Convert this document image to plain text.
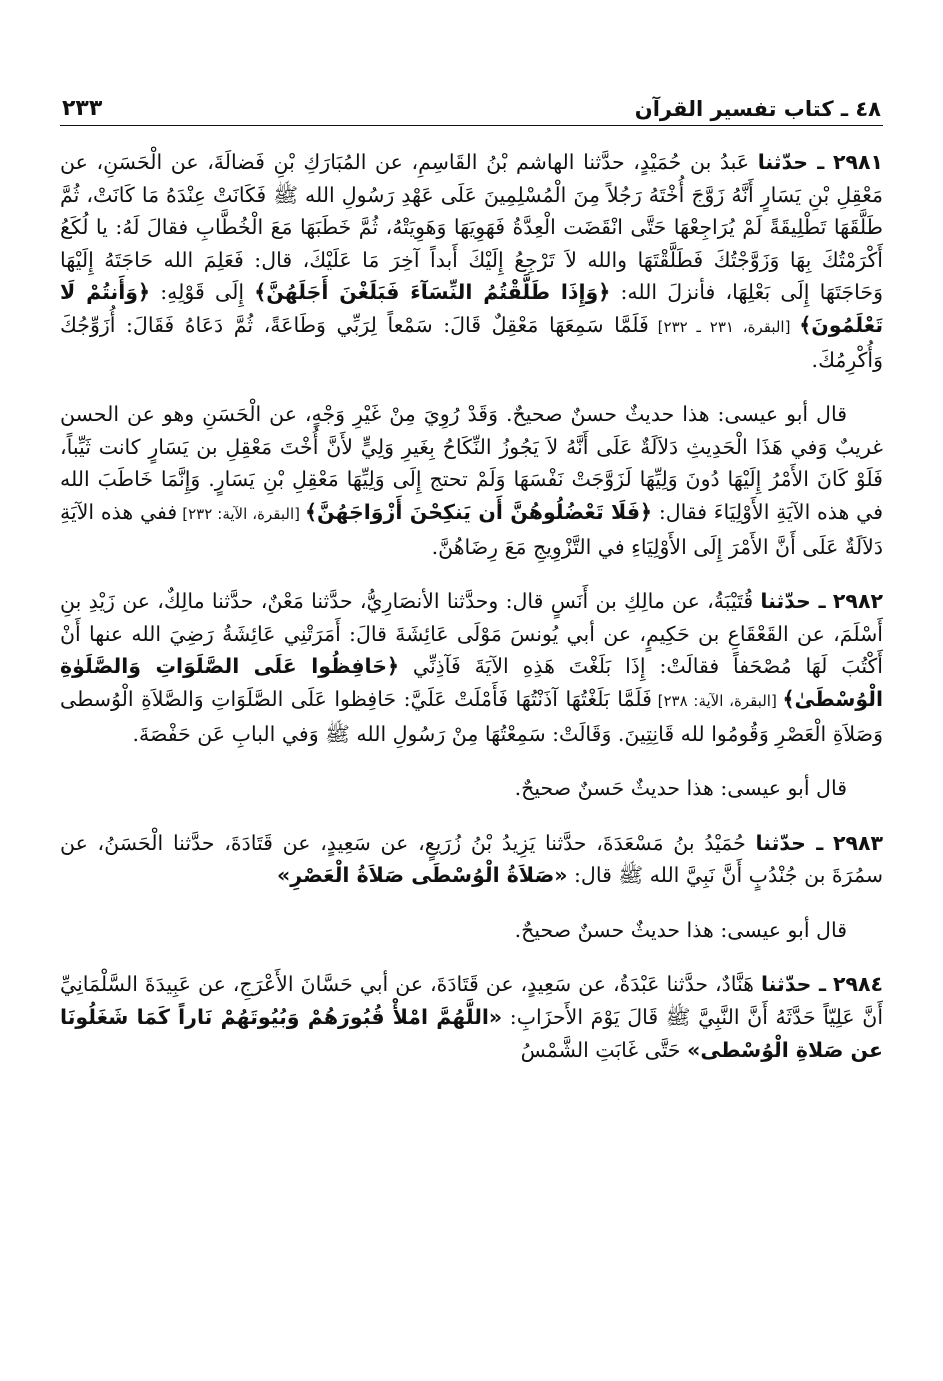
٤٨ ـ كتاب تفسير القرآن
٢٣٣

٢٩٨١ ـ حدّثنا عَبدُ بن حُمَيْدٍ، حدَّثنا الهاشم بْنُ القَاسِمِ، عن المُبَارَكِ بْنِ فَضالَةَ، عن الْحَسَنِ، عن مَعْقِلِ بْنِ يَسَارٍ أَنَّهُ زَوَّجَ أُخْتَهُ رَجُلاً مِنَ الْمُسْلِمِينَ عَلَى عَهْدِ رَسُولِ الله ﷺ فَكَانَتْ عِنْدَهُ مَا كَانَتْ، ثُمَّ طَلَّقَهَا تَطْلِيقَةً لَمْ يُرَاجِعْهَا حَتَّى انْقَضَت الْعِدَّةُ فَهَوِيَهَا وَهَوِيَتْهُ، ثُمَّ خَطَبَهَا مَعَ الْخُطَّابِ فقالَ لَهُ: يا لُكَعُ أَكْرَمْتُكَ بِهَا وَزَوَّجْتُكَ فَطَلَّقْتَهَا والله لاَ تَرْجِعُ إِلَيْكَ أَبداً آخِرَ مَا عَلَيْكَ، قال: فَعَلِمَ الله حَاجَتَهُ إِلَيْهَا وَحَاجَتَهَا إِلَى بَعْلِهَا، فأنزلَ الله: ﴿وَإِذَا طَلَّقْتُمُ النِّسَآءَ فَبَلَغْنَ أَجَلَهُنَّ﴾ إِلَى قَوْلِهِ: ﴿وَأَنتُمْ لَا تَعْلَمُونَ﴾ [البقرة، ٢٣١ ـ ٢٣٢] فَلَمَّا سَمِعَهَا مَعْقِلٌ قَالَ: سَمْعاً لِرَبِّي وَطَاعَةً، ثُمَّ دَعَاهُ فَقَالَ: أُزَوِّجُكَ وَأُكْرِمُكَ.

قال أبو عيسى: هذا حديثٌ حسنٌ صحيحٌ. وَقَدْ رُوِيَ مِنْ غَيْرِ وَجْهٍ، عن الْحَسَنِ وهو عن الحسن غريبٌ وَفي هَذَا الْحَدِيثِ دَلاَلَةٌ عَلَى أَنَّهُ لاَ يَجُوزُ النِّكَاحُ بِغَيرِ وَلِيٍّ لأَنَّ أُخْتَ مَعْقِلِ بن يَسَارٍ كانت ثَيِّباً، فَلَوْ كَانَ الأَمْرُ إِلَيْهَا دُونَ وَلِيِّهَا لَزَوَّجَتْ نَفْسَهَا وَلَمْ تحتج إِلَى وَلِيِّهَا مَعْقِلِ بْنِ يَسَارٍ. وَإِنَّمَا خَاطَبَ الله في هذه الآيَةِ الأَوْلِيَاءَ فقال: ﴿فَلَا تَعْضُلُوهُنَّ أَن يَنكِحْنَ أَزْوَاجَهُنَّ﴾ [البقرة، الآية: ٢٣٢] ففي هذه الآيَةِ دَلاَلَةٌ عَلَى أَنَّ الأَمْرَ إِلَى الأَوْلِيَاءِ في التَّزْوِيجِ مَعَ رِضَاهُنَّ.

٢٩٨٢ ـ حدّثنا قُتَيْبَةُ، عن مالِكِ بن أَنَسٍ قال: وحدَّثنا الأنصَارِيُّ، حدَّثنا مَعْنٌ، حدَّثنا مالِكٌ، عن زَيْدِ بنِ أَسْلَمَ، عن القَعْقَاعِ بن حَكِيمٍ، عن أبي يُونسَ مَوْلَى عَائِشَةَ قالَ: أَمَرَتْنِي عَائِشَةُ رَضِيَ الله عنها أَنْ أَكْتُبَ لَهَا مُصْحَفاً فقالَتْ: إِذَا بَلَغْتَ هَذِهِ الآيَةَ فَآذِنِّي ﴿حَافِظُوا عَلَى الصَّلَوَاتِ وَالصَّلَوٰةِ الْوُسْطَىٰ﴾ [البقرة، الآية: ٢٣٨] فَلَمَّا بَلَغْتُهَا آذَنْتُهَا فَأَمْلَتْ عَلَيَّ: حَافِظوا عَلَى الصَّلَوَاتِ وَالصَّلاَةِ الْوُسطى وَصَلاَةِ الْعَصْرِ وَقُومُوا لله قَانِتِينَ. وَقَالَتْ: سَمِعْتُهَا مِنْ رَسُولِ الله ﷺ وَفي البابِ عَن حَفْصَةَ.

قال أبو عيسى: هذا حديثٌ حَسنٌ صحيحٌ.

٢٩٨٣ ـ حدّثنا حُمَيْدُ بنُ مَسْعَدَةَ، حدَّثنا يَزِيدُ بْنُ زُرَيعٍ، عن سَعِيدٍ، عن قَتَادَةَ، حدَّثنا الْحَسَنُ، عن سمُرَةَ بن جُنْدُبٍ أَنَّ نَبِيَّ الله ﷺ قال: «صَلاَةُ الْوُسْطَى صَلاَةُ الْعَصْرِ»

قال أبو عيسى: هذا حديثٌ حسنٌ صحيحٌ.

٢٩٨٤ ـ حدّثنا هَنَّادٌ، حدَّثنا عَبْدَةُ، عن سَعِيدٍ، عن قَتَادَةَ، عن أبي حَسَّانَ الأَعْرَجِ، عن عَبِيدَةَ السَّلْمَانِيِّ أَنَّ عَلِيّاً حَدَّثَهُ أَنَّ النَّبِيَّ ﷺ قَالَ يَوْمَ الأَحزَابِ: «اللَّهُمَّ امْلأْ قُبُورَهُمْ وَبُيُوتَهُمْ نَاراً كَمَا شَغَلُونَا عن صَلاةِ الْوُسْطى» حَتَّى غَابَتِ الشَّمْسُ
